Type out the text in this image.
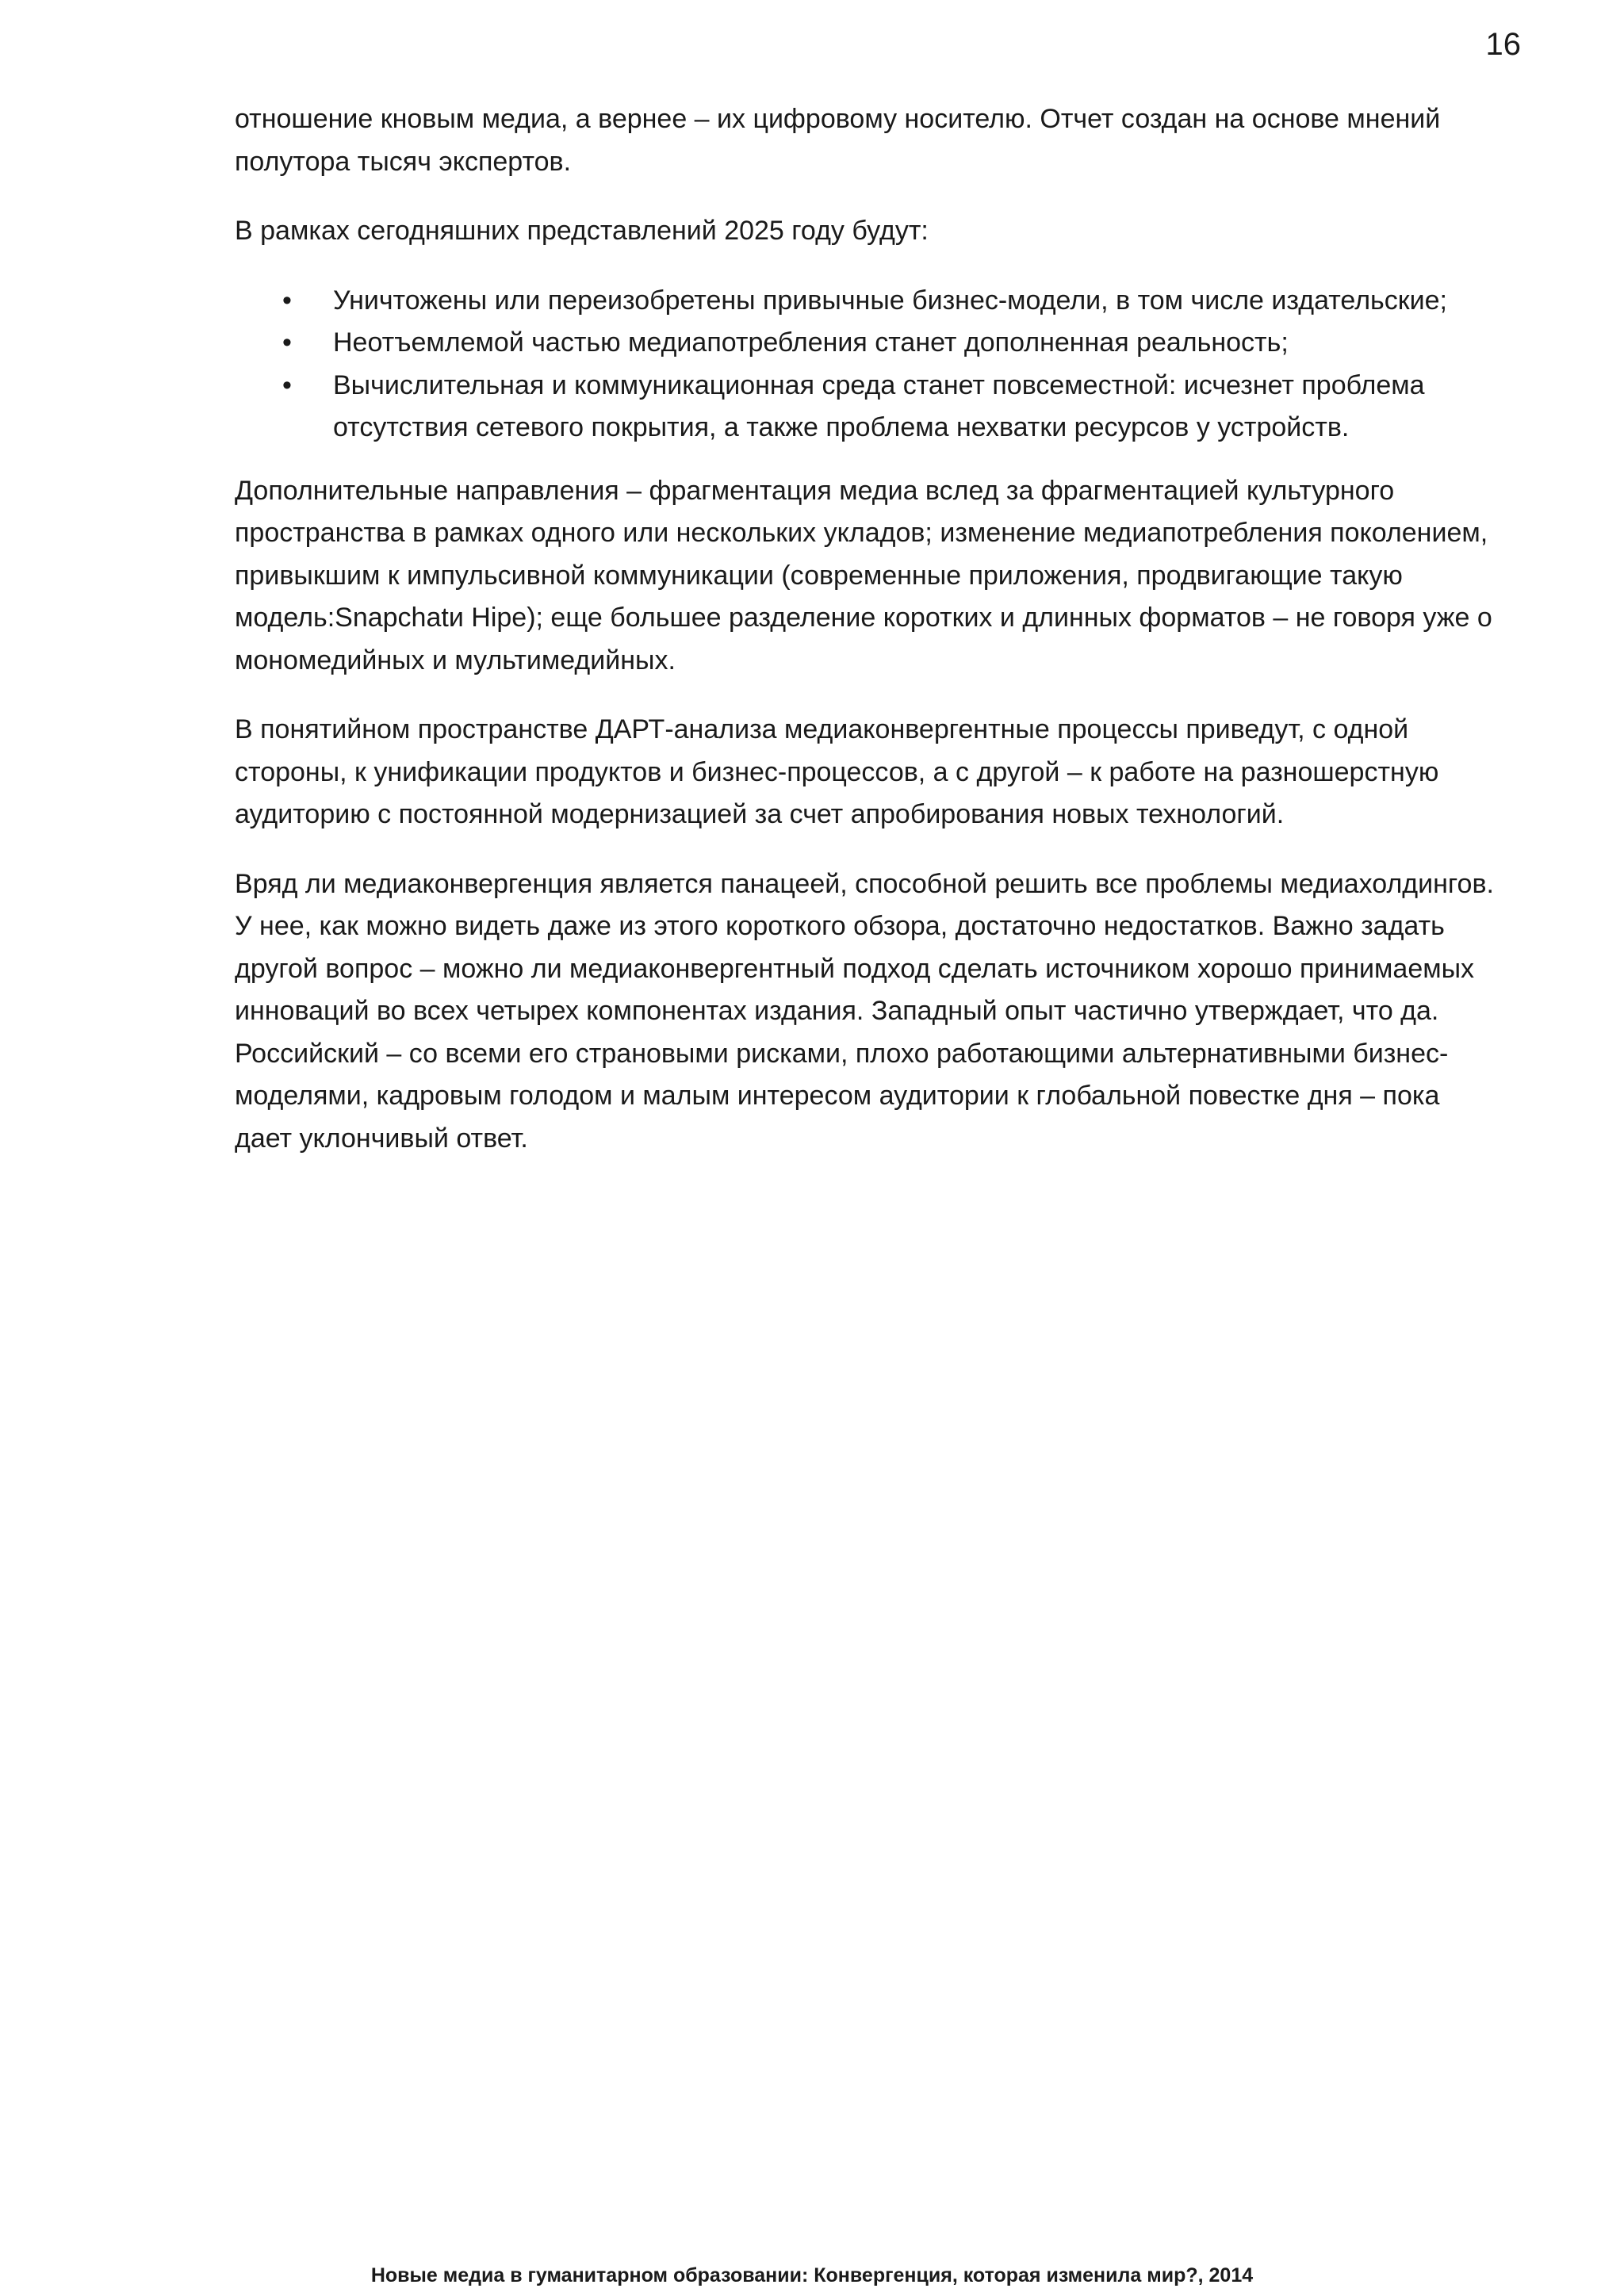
16

отношение кновым медиа, а вернее – их цифровому носителю. Отчет создан на основе мнений полутора тысяч экспертов.

В рамках сегодняшних представлений 2025 году будут:

• Уничтожены или переизобретены привычные бизнес-модели, в том числе издательские;
• Неотъемлемой частью медиапотребления станет дополненная реальность;
• Вычислительная и коммуникационная среда станет повсеместной: исчезнет проблема отсутствия сетевого покрытия, а также проблема нехватки ресурсов у устройств.

Дополнительные направления – фрагментация медиа вслед за фрагментацией культурного пространства в рамках одного или нескольких укладов; изменение медиапотребления поколением, привыкшим к импульсивной коммуникации (современные приложения, продвигающие такую модель:Snapchatи Hipe); еще большее разделение коротких и длинных форматов – не говоря уже о мономедийных и мультимедийных.

В понятийном пространстве ДАРТ-анализа медиаконвергентные процессы приведут, с одной стороны, к унификации продуктов и бизнес-процессов, а с другой – к работе на разношерстную аудиторию с постоянной модернизацией за счет апробирования новых технологий.

Вряд ли медиаконвергенция является панацеей, способной решить все проблемы медиахолдингов. У нее, как можно видеть даже из этого короткого обзора, достаточно недостатков. Важно задать другой вопрос – можно ли медиаконвергентный подход сделать источником хорошо принимаемых инноваций во всех четырех компонентах издания. Западный опыт частично утверждает, что да. Российский – со всеми его страновыми рисками, плохо работающими альтернативными бизнес-моделями, кадровым голодом и малым интересом аудитории к глобальной повестке дня – пока дает уклончивый ответ.

Новые медиа в гуманитарном образовании: Конвергенция, которая изменила мир?, 2014
